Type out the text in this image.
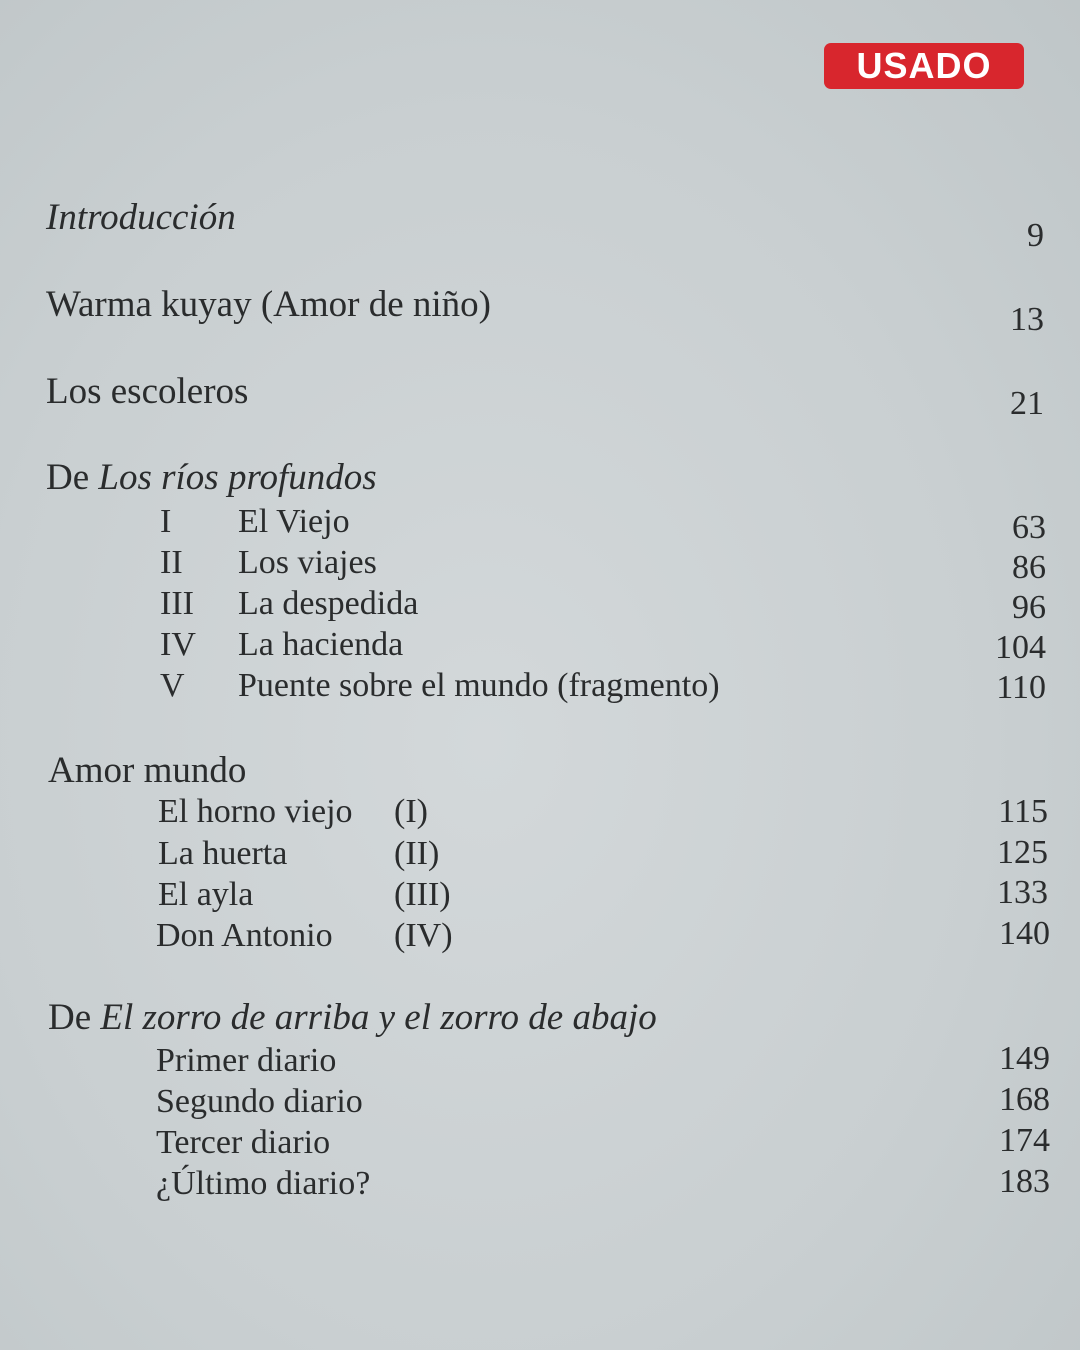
USADO
Introducción	9
Warma kuyay (Amor de niño)	13
Los escoleros	21
De Los ríos profundos
I El Viejo	63
II Los viajes	86
III La despedida	96
IV La hacienda	104
V Puente sobre el mundo (fragmento)	110
Amor mundo
El horno viejo (I)	115
La huerta	(II)	125
El ayla	(III)	133
Don Antonio (IV)	140
De El zorro de arriba y el zorro de abajo
Primer diario	149
Segundo diario	168
Tercer diario	174
¿Último diario?	183
